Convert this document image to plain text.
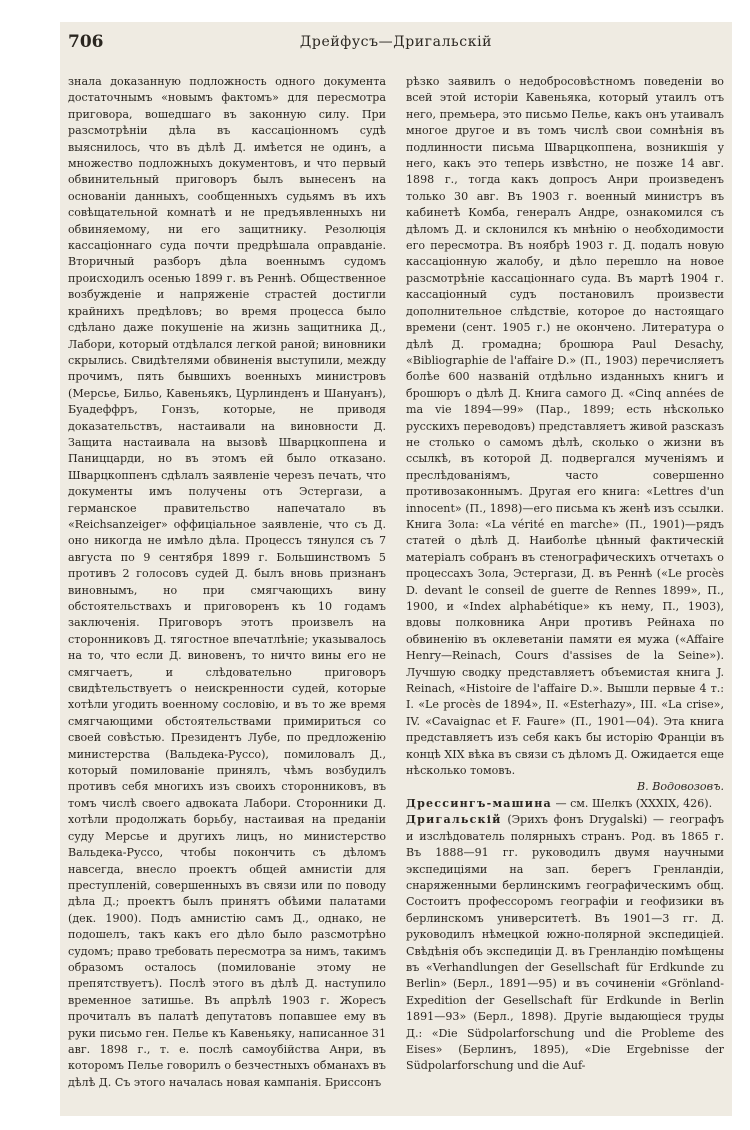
706	Дрейфусъ—Дригальскій

знала доказанную подложность одного документа достаточнымъ «новымъ фактомъ» для пересмотра приговора, вошедшаго въ законную силу. При разсмотрѣніи дѣла въ кассаціонномъ судѣ выяснилось, что въ дѣлѣ Д. имѣется не одинъ, а множество подложныхъ документовъ, и что первый обвинительный приговоръ былъ вынесенъ на основаніи данныхъ, сообщенныхъ судьямъ въ ихъ совѣщательной комнатѣ и не предъявленныхъ ни обвиняемому, ни его защитнику. Резолюція кассаціоннаго суда почти предрѣшала оправданіе. Вторичный разборъ дѣла военнымъ судомъ происходилъ осенью 1899 г. въ Реннѣ. Общественное возбужденіе и напряженіе страстей достигли крайнихъ предѣловъ; во время процесса было сдѣлано даже покушеніе на жизнь защитника Д., Лабори, который отдѣлался легкой раной; виновники скрылись. Свидѣтелями обвиненія выступили, между прочимъ, пять бывшихъ военныхъ министровъ (Мерсье, Бильо, Кавеньякъ, Цурлинденъ и Шануанъ), Буадеффръ, Гонзъ, которые, не приводя доказательствъ, настаивали на виновности Д. Защита настаивала на вызовѣ Шварцкоппена и Паниццарди, но въ этомъ ей было отказано. Шварцкоппенъ сдѣлалъ заявленіе черезъ печать, что документы имъ получены отъ Эстергази, а германское правительство напечатало въ «Reichsanzeiger» оффиціальное заявленіе, что съ Д. оно никогда не имѣло дѣла. Процессъ тянулся съ 7 августа по 9 сентября 1899 г. Большинствомъ 5 противъ 2 голосовъ судей Д. былъ вновь признанъ виновнымъ, но при смягчающихъ вину обстоятельствахъ и приговоренъ къ 10 годамъ заключенія. Приговоръ этотъ произвелъ на сторонниковъ Д. тягостное впечатлѣніе; указывалось на то, что если Д. виновенъ, то ничто вины его не смягчаетъ, и слѣдовательно приговоръ свидѣтельствуетъ о неискренности судей, которые хотѣли угодить военному сословію, и въ то же время смягчающими обстоятельствами примириться со своей совѣстью. Президентъ Лубе, по предложенію министерства (Вальдека-Руссо), помиловалъ Д., который помилованіе принялъ, чѣмъ возбудилъ противъ себя многихъ изъ своихъ сторонниковъ, въ томъ числѣ своего адвоката Лабори. Сторонники Д. хотѣли продолжать борьбу, настаивая на преданіи суду Мерсье и другихъ лицъ, но министерство Вальдека-Руссо, чтобы покончить съ дѣломъ навсегда, внесло проектъ общей амнистіи для преступленій, совершенныхъ въ связи или по поводу дѣла Д.; проектъ былъ принятъ обѣими палатами (дек. 1900). Подъ амнистію самъ Д., однако, не подошелъ, такъ какъ его дѣло было разсмотрѣно судомъ; право требовать пересмотра за нимъ, такимъ образомъ осталось (помилованіе этому не препятствуетъ). Послѣ этого въ дѣлѣ Д. наступило временное затишье. Въ апрѣлѣ 1903 г. Жоресъ прочиталъ въ палатѣ депутатовъ попавшее ему въ руки письмо ген. Пелье къ Кавеньяку, написанное 31 авг. 1898 г., т. е. послѣ самоубійства Анри, въ которомъ Пелье говорилъ о безчестныхъ обманахъ въ дѣлѣ Д. Съ этого началась новая кампанія. Бриссонъ

рѣзко заявилъ о недобросовѣстномъ поведеніи во всей этой исторіи Кавеньяка, который утаилъ отъ него, премьера, это письмо Пелье, какъ онъ утаивалъ многое другое и въ томъ числѣ свои сомнѣнія въ подлинности письма Шварцкоппена, возникшія у него, какъ это теперь извѣстно, не позже 14 авг. 1898 г., тогда какъ допросъ Анри произведенъ только 30 авг. Въ 1903 г. военный министръ въ кабинетѣ Комба, генералъ Андре, ознакомился съ дѣломъ Д. и склонился къ мнѣнію о необходимости его пересмотра. Въ ноябрѣ 1903 г. Д. подалъ новую кассаціонную жалобу, и дѣло перешло на новое разсмотрѣніе кассаціоннаго суда. Въ мартѣ 1904 г. кассаціонный судъ постановилъ произвести дополнительное слѣдствіе, которое до настоящаго времени (сент. 1905 г.) не окончено. Литература о дѣлѣ Д. громадна; брошюра Paul Desachy, «Bibliographie de l'affaire D.» (П., 1903) перечисляетъ болѣе 600 названій отдѣльно изданныхъ книгъ и брошюръ о дѣлѣ Д. Книга самого Д. «Cinq années de ma vie 1894—99» (Пар., 1899; есть нѣсколько русскихъ переводовъ) представляетъ живой разсказъ не столько о самомъ дѣлѣ, сколько о жизни въ ссылкѣ, въ которой Д. подвергался мученіямъ и преслѣдованіямъ, часто совершенно противозаконнымъ. Другая его книга: «Lettres d'un innocent» (П., 1898)—его письма къ женѣ изъ ссылки. Книга Зола: «La vérité en marche» (П., 1901)—рядъ статей о дѣлѣ Д. Наиболѣе цѣнный фактическій матеріалъ собранъ въ стенографическихъ отчетахъ о процессахъ Зола, Эстергази, Д. въ Реннѣ («Le procès D. devant le conseil de guerre de Rennes 1899», П., 1900, и «Index alphabétique» къ нему, П., 1903), вдовы полковника Анри противъ Рейнаха по обвиненію въ оклеветаніи памяти ея мужа («Affaire Henry—Reinach, Cours d'assises de la Seine»). Лучшую сводку представляетъ объемистая книга J. Reinach, «Histoire de l'affaire D.». Вышли первые 4 т.: I. «Le procès de 1894», II. «Esterhazy», III. «La crise», IV. «Cavaignac et F. Faure» (П., 1901—04). Эта книга представляетъ изъ себя какъ бы исторію Франціи въ концѣ XIX вѣка въ связи съ дѣломъ Д. Ожидается еще нѣсколько томовъ.

В. Водовозовъ.

Дрессингъ-машина — см. Шелкъ (XXXIX, 426).

Дригальскій (Эрихъ фонъ Drygalski) — географъ и изслѣдователь полярныхъ странъ. Род. въ 1865 г. Въ 1888—91 гг. руководилъ двумя научными экспедиціями на зап. берегъ Гренландіи, снаряженными берлинскимъ географическимъ общ. Состоитъ профессоромъ географіи и геофизики въ берлинскомъ университетѣ. Въ 1901—3 гг. Д. руководилъ нѣмецкой южно-полярной экспедиціей. Свѣдѣнія объ экспедиціи Д. въ Гренландію помѣщены въ «Verhandlungen der Gesellschaft für Erdkunde zu Berlin» (Берл., 1891—95) и въ сочиненіи «Grönland-Expedition der Gesellschaft für Erdkunde in Berlin 1891—93» (Берл., 1898). Другіе выдающіеся труды Д.: «Die Südpolarforschung und die Probleme des Eises» (Берлинъ, 1895), «Die Ergebnisse der Südpolarforschung und die Auf-
